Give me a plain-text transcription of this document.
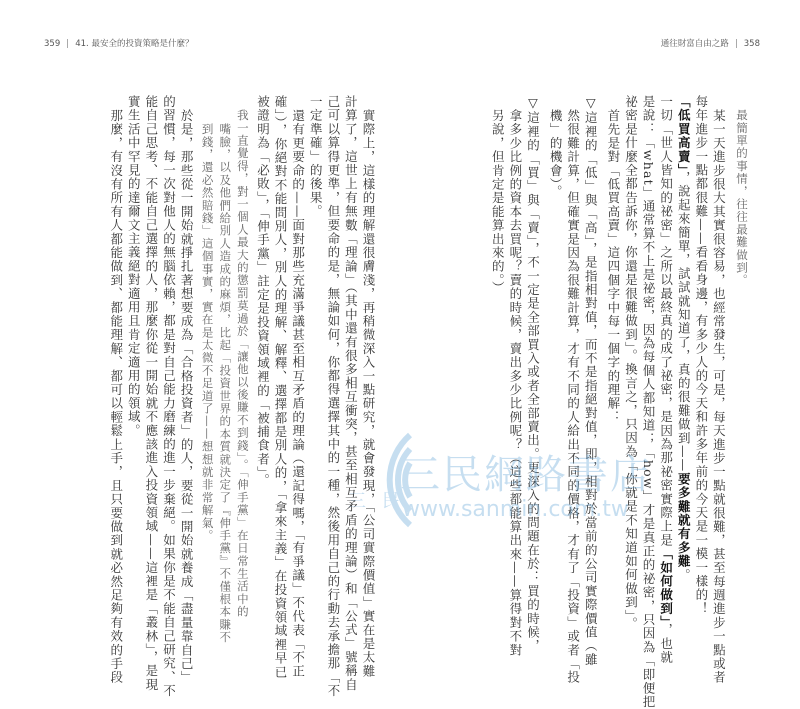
359 41. 最安全的投資策略是什麼？	通往財富自由之路 358
最簡單的事情，往往最難做到。
某一天進步很大其實很容易，也經常發生，可是，每天進步一點就很難，甚至每週進步一點或者
每年進步一點都很難——看看身邊，有多少人的今天和許多年前的今天是一模一樣的！
「低買高賣」，說起來簡單，試試就知道了，真的很難做到——要多難就有多難。
一切「世人皆知的祕密」之所以最終真的成了祕密，是因為那祕密實際上是「如何做到」，也就
是說：「what」通常算不上是祕密，因為每個人都知道；「how」才是真正的祕密，只因為「即便把
祕密是什麼全都告訴你，你還是很難做到」。換言之，只因為「你就是不知道如何做到」。
首先是對「低買高賣」這四個字中每一個字的理解：
▽這裡的「低」與「高」，是指相對值，而不是指絕對值，即，相對於當前的公司實際價值（雖
然很難計算，但確實是因為很難計算，才有不同的人給出不同的價格，才有了「投資」或者「投
機」的機會）。
▽這裡的「買」與「賣」，不一定是全部買入或者全部賣出。更深入的問題在於：買的時候，
拿多少比例的資本去買呢？賣的時候，賣出多少比例呢？（這些都能算出來——算得對不對
另說，但肯定是能算出來的。）
實際上，這樣的理解還很膚淺，再稍微深入一點研究，就會發現，「公司實際價值」實在是太難
計算了，這世上有無數「理論」（其中還有很多相互衝突，甚至相互矛盾的理論）和「公式」號稱自
己可以算得更準，但要命的是，無論如何，你都得選擇其中的一種，然後用自己的行動去承擔那「不
一定準確」的後果。
還有更要命的——面對那些充滿爭議甚至相互矛盾的理論（還記得嗎，「有爭議」不代表「不正
確」），你絕對不能問別人，別人的理解、解釋、選擇都是別人的，「拿來主義」在投資領域裡早已
被證明為「必敗」，「伸手黨」註定是投資領域裡的「被捕食者」。
我一直覺得，對一個人最大的懲罰莫過於「讓他以後賺不到錢」。「伸手黨」在日常生活中的
嘴臉，以及他們給別人造成的麻煩，比起「投資世界的本質就決定了『伸手黨』不僅根本賺不
到錢，還必然賠錢」這個事實，實在是太微不足道了——想想就非常解氣。
於是，那些從一開始就掙扎著想要成為「合格投資者」的人，要從一開始就養成「盡量靠自己」
的習慣，每一次對他人的無腦依賴，都是對自己能力磨練的進一步棄絕。如果你是不能自己研究、不
能自己思考、不能自己選擇的人，那麼你從一開始就不應該進入投資領域——這裡是「叢林」，是現
實生活中罕見的達爾文主義絕對適用且肯定適用的領域。
那麼，有沒有所有人都能做到、都能理解、都可以輕鬆上手，且只要做到就必然足夠有效的手段	三民
三民網路書店
www.sanmin.com.tw
